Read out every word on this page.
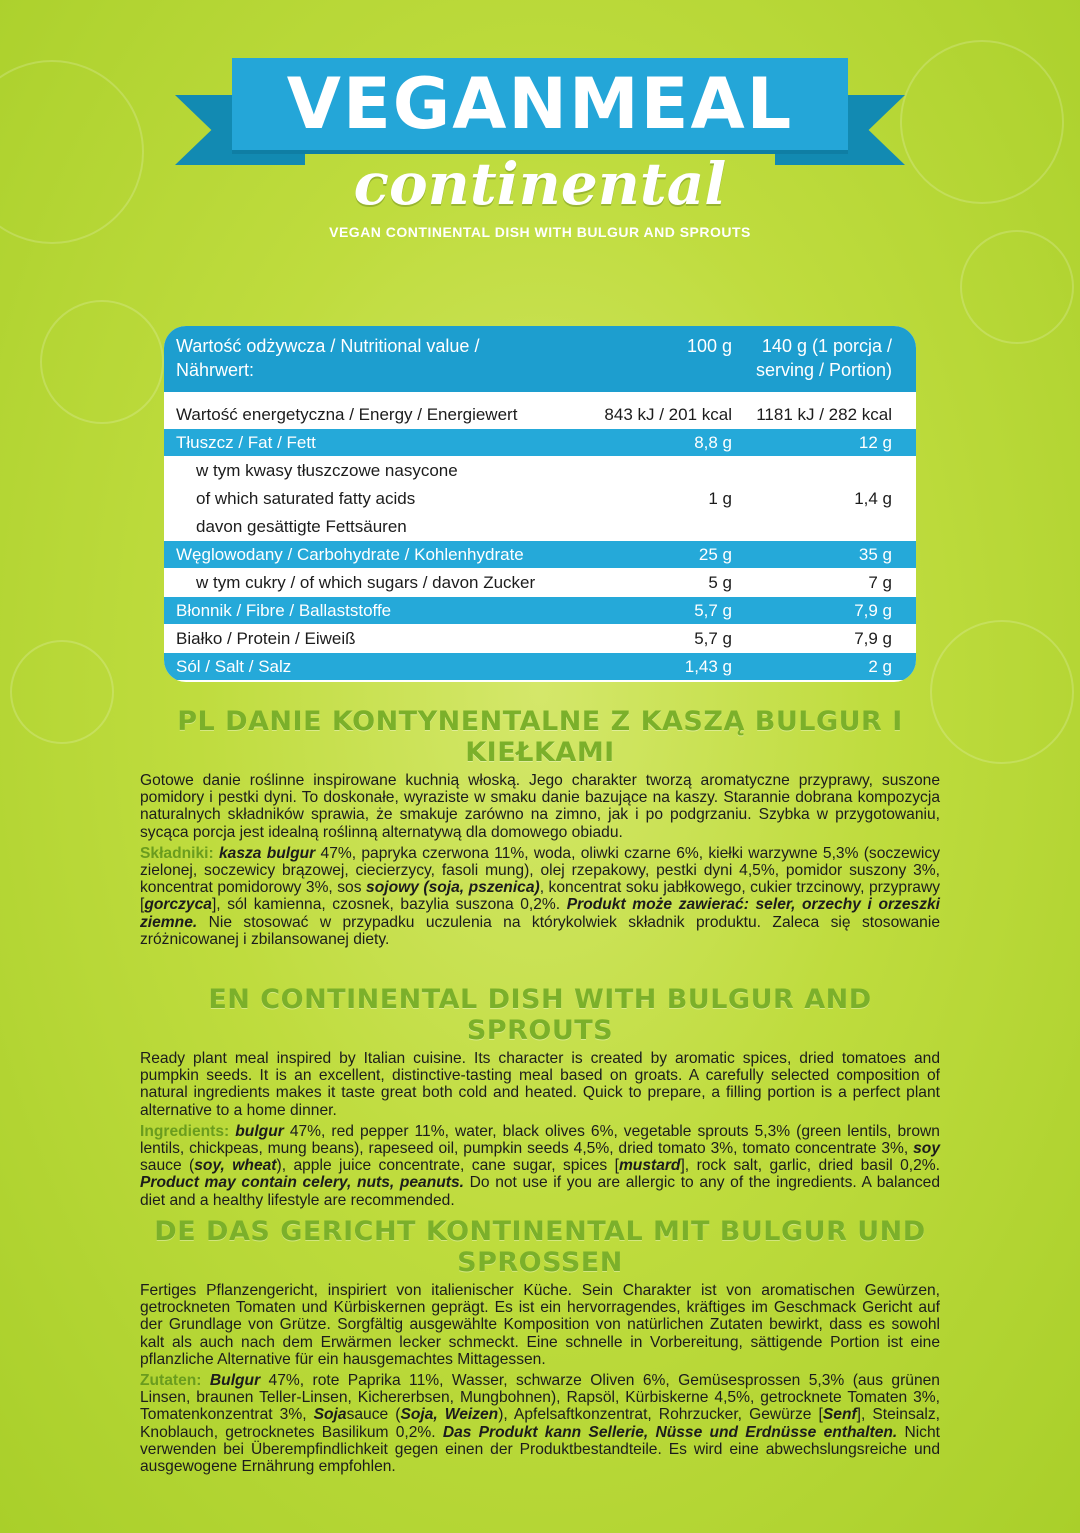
VEGANMEAL
continental
VEGAN CONTINENTAL DISH WITH BULGUR AND SPROUTS
Wartość odżywcza / Nutritional value /
Nährwert:
100 g	140 g (1 porcja /
serving / Portion)
Wartość energetyczna / Energy / Energiewert	843 kJ / 201 kcal	1181 kJ / 282 kcal
Tłuszcz / Fat / Fett	8,8 g	12 g
w tym kwasy tłuszczowe nasycone
of which saturated fatty acids
davon gesättigte Fettsäuren
1 g	1,4 g
Węglowodany / Carbohydrate / Kohlenhydrate	25 g	35 g
w tym cukry / of which sugars / davon Zucker	5 g	7 g
Błonnik / Fibre / Ballaststoffe	5,7 g	7,9 g
Białko / Protein / Eiweiß	5,7 g	7,9 g
Sól / Salt / Salz	1,43 g	2 g
PL DANIE KONTYNENTALNE Z KASZĄ BULGUR I KIEŁKAMI

Gotowe danie roślinne inspirowane kuchnią włoską. Jego charakter tworzą aromatyczne przyprawy, suszone pomidory i pestki dyni. To doskonałe, wyraziste w smaku danie bazujące na kaszy. Starannie dobrana kompozycja naturalnych składników sprawia, że smakuje zarówno na zimno, jak i po podgrzaniu. Szybka w przygotowaniu, sycąca porcja jest idealną roślinną alternatywą dla domowego obiadu.

Składniki: kasza bulgur 47%, papryka czerwona 11%, woda, oliwki czarne 6%, kiełki warzywne 5,3% (soczewicy zielonej, soczewicy brązowej, ciecierzycy, fasoli mung), olej rzepakowy, pestki dyni 4,5%, pomidor suszony 3%, koncentrat pomidorowy 3%, sos sojowy (soja, pszenica), koncentrat soku jabłkowego, cukier trzcinowy, przyprawy [gorczyca], sól kamienna, czosnek, bazylia suszona 0,2%. Produkt może zawierać: seler, orzechy i orzeszki ziemne. Nie stosować w przypadku uczulenia na którykolwiek składnik produktu. Zaleca się stosowanie zróżnicowanej i zbilansowanej diety.

EN CONTINENTAL DISH WITH BULGUR AND SPROUTS

Ready plant meal inspired by Italian cuisine. Its character is created by aromatic spices, dried tomatoes and pumpkin seeds. It is an excellent, distinctive-tasting meal based on groats. A carefully selected composition of natural ingredients makes it taste great both cold and heated. Quick to prepare, a filling portion is a perfect plant alternative to a home dinner.

Ingredients: bulgur 47%, red pepper 11%, water, black olives 6%, vegetable sprouts 5,3% (green lentils, brown lentils, chickpeas, mung beans), rapeseed oil, pumpkin seeds 4,5%, dried tomato 3%, tomato concentrate 3%, soy sauce (soy, wheat), apple juice concentrate, cane sugar, spices [mustard], rock salt, garlic, dried basil 0,2%. Product may contain celery, nuts, peanuts. Do not use if you are allergic to any of the ingredients. A balanced diet and a healthy lifestyle are recommended.

DE DAS GERICHT KONTINENTAL MIT BULGUR UND SPROSSEN

Fertiges Pflanzengericht, inspiriert von italienischer Küche. Sein Charakter ist von aromatischen Gewürzen, getrockneten Tomaten und Kürbiskernen geprägt. Es ist ein hervorragendes, kräftiges im Geschmack Gericht auf der Grundlage von Grütze. Sorgfältig ausgewählte Komposition von natürlichen Zutaten bewirkt, dass es sowohl kalt als auch nach dem Erwärmen lecker schmeckt. Eine schnelle in Vorbereitung, sättigende Portion ist eine pflanzliche Alternative für ein hausgemachtes Mittagessen.

Zutaten: Bulgur 47%, rote Paprika 11%, Wasser, schwarze Oliven 6%, Gemüsesprossen 5,3% (aus grünen Linsen, braunen Teller-Linsen, Kichererbsen, Mungbohnen), Rapsöl, Kürbiskerne 4,5%, getrocknete Tomaten 3%, Tomatenkonzentrat 3%, Sojasauce (Soja, Weizen), Apfelsaftkonzentrat, Rohrzucker, Gewürze [Senf], Steinsalz, Knoblauch, getrocknetes Basilikum 0,2%. Das Produkt kann Sellerie, Nüsse und Erdnüsse enthalten. Nicht verwenden bei Überempfindlichkeit gegen einen der Produktbestandteile. Es wird eine abwechslungsreiche und ausgewogene Ernährung empfohlen.
